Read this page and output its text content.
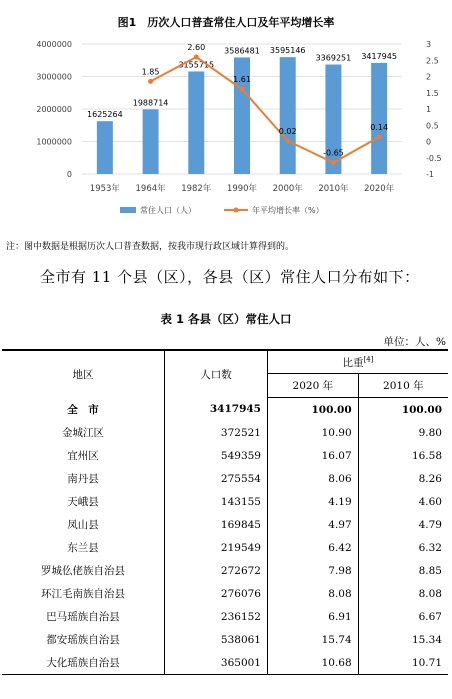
图1　历次人口普查常住人口及年平均增长率
0
1000000
2000000
3000000
4000000
-1
-0.5
0
0.5
1
1.5
2
2.5
3
1625264
1988714
3155715
3586481 3595146
3369251 3417945
1953年 1964年 1982年 1990年 2000年 2010年 2020年
1.85
2.60
1.61
0.02
-0.65
0.14
常住人口（人）	年平均增长率（%）
注：图中数据是根据历次人口普查数据，按我市现行政区域计算得到的。
全市有 11 个县（区），各县（区）常住人口分布如下：
表 1 各县（区）常住人口
单位：人、%
地区	人口数	比重[4]
		2020 年	2010 年
全　市	3417945	100.00	100.00
金城江区	372521	10.90	9.80
宜州区	549359	16.07	16.58
南丹县	275554	8.06	8.26
天峨县	143155	4.19	4.60
凤山县	169845	4.97	4.79
东兰县	219549	6.42	6.32
罗城仫佬族自治县	272672	7.98	8.85
环江毛南族自治县	276076	8.08	8.08
巴马瑶族自治县	236152	6.91	6.67
都安瑶族自治县	538061	15.74	15.34
大化瑶族自治县	365001	10.68	10.71
